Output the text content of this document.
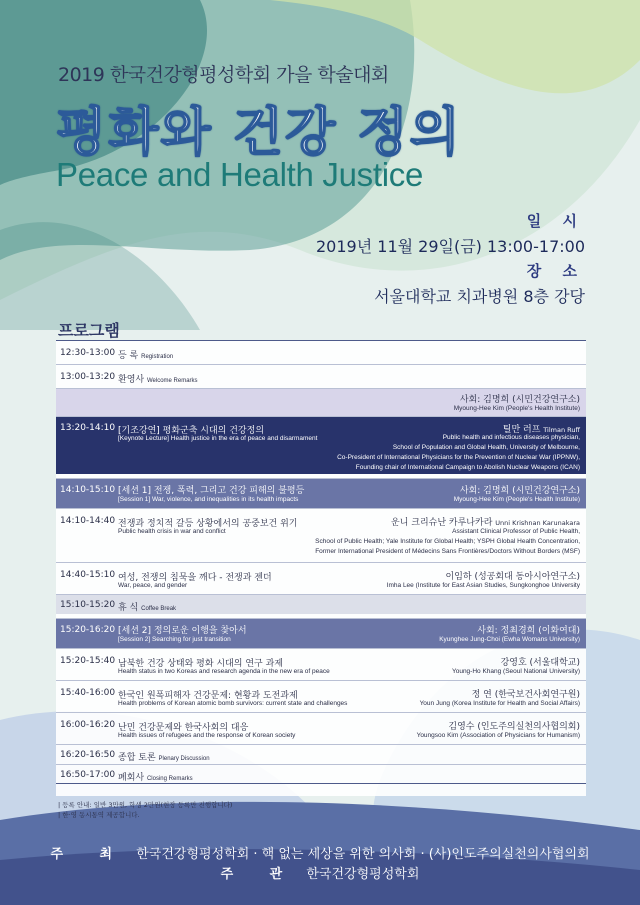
2019 한국건강형평성학회 가을 학술대회
평화와 건강 정의
Peace and Health Justice
일 시
2019년 11월 29일(금) 13:00-17:00
장 소
서울대학교 치과병원 8층 강당
프로그램
12:30-13:00 등 록 Registration
13:00-13:20 환영사 Welcome Remarks
사회: 김명희 (시민건강연구소)
Myoung-Hee Kim (People's Health Institute)
13:20-14:10 [기조강연] 평화군축 시대의 건강정의
[Keynote Lecture] Health justice in the era of peace and disarmament
틸만 러프 Tilman Ruff
Public health and infectious diseases physician,
School of Population and Global Health, University of Melbourne,
Co-President of International Physicians for the Prevention of Nuclear War (IPPNW),
Founding chair of International Campaign to Abolish Nuclear Weapons (ICAN)
14:10-15:10 [세션 1] 전쟁, 폭력, 그리고 건강 피해의 불평등
[Session 1] War, violence, and inequalities in its health impacts
사회: 김명희 (시민건강연구소)
Myoung-Hee Kim (People's Health Institute)
14:10-14:40 전쟁과 정치적 갈등 상황에서의 공중보건 위기
Public health crisis in war and conflict
운니 크리슈난 카루나카라 Unni Krishnan Karunakara
Assistant Clinical Professor of Public Health,
School of Public Health; Yale Institute for Global Health; YSPH Global Health Concentration,
Former International President of Médecins Sans Frontières/Doctors Without Borders (MSF)
14:40-15:10 여성, 전쟁의 침묵을 깨다 - 전쟁과 젠더
War, peace, and gender
이임하 (성공회대 동아시아연구소)
Imha Lee (Institute for East Asian Studies, Sungkonghoe University
15:10-15:20 휴 식 Coffee Break
15:20-16:20 [세션 2] 정의로운 이행을 찾아서
[Session 2] Searching for just transition
사회: 정최경희 (이화여대)
Kyunghee Jung-Choi (Ewha Womans University)
15:20-15:40 남북한 건강 상태와 평화 시대의 연구 과제
Health status in two Koreas and research agenda in the new era of peace
강영호 (서울대학교)
Young-Ho Khang (Seoul National University)
15:40-16:00 한국인 원폭피해자 건강문제: 현황과 도전과제
Health problems of Korean atomic bomb survivors: current state and challenges
정 연 (한국보건사회연구원)
Youn Jung (Korea Institute for Health and Social Affairs)
16:00-16:20 난민 건강문제와 한국사회의 대응
Health issues of refugees and the response of Korean society
김영수 (인도주의실천의사협의회)
Youngsoo Kim (Association of Physicians for Humanism)
16:20-16:50 종합 토론 Plenary Discussion
16:50-17:00 폐회사 Closing Remarks
| 등록 안내: 일반 3만원, 학생 2만원(현장 등록만 진행합니다)
| 한·영 동시통역 제공합니다.
주 최 한국건강형평성학회 · 핵 없는 세상을 위한 의사회 · (사)인도주의실천의사협의회
주 관 한국건강형평성학회
